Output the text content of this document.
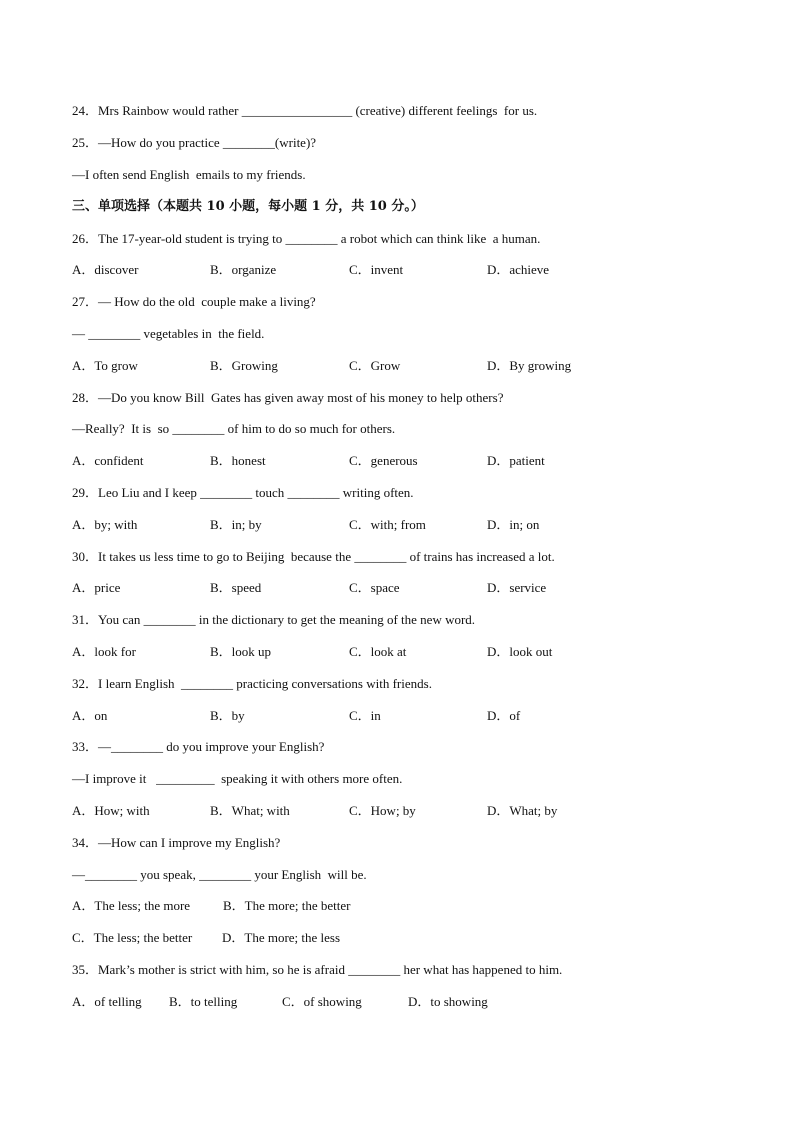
24．Mrs Rainbow would rather _________________ (creative) different feelings  for us.
25．—How do you practice ________(write)?
—I often send English  emails to my friends.
三、单项选择（本题共 10 小题，每小题 1 分，共 10 分。）
26．The 17-year-old student is trying to ________ a robot which can think like  a human.
A．discover	B．organize	C．invent	D．achieve
27．— How do the old  couple make a living?
— ________ vegetables in  the field.
A．To grow	B．Growing	C．Grow	D．By growing
28．—Do you know Bill  Gates has given away most of his money to help others?
—Really?  It is  so ________ of him to do so much for others.
A．confident	B．honest	C．generous	D．patient
29．Leo Liu and I keep ________ touch ________ writing often.
A．by; with	B．in; by	C．with; from	D．in; on
30．It takes us less time to go to Beijing  because the ________ of trains has increased a lot.
A．price	B．speed	C．space	D．service
31．You can ________ in the dictionary to get the meaning of the new word.
A．look for	B．look up	C．look at	D．look out
32．I learn English  ________ practicing conversations with friends.
A．on	B．by	C．in	D．of
33．—________ do you improve your English?
—I improve it   _________  speaking it with others more often.
A．How; with	B．What; with	C．How; by	D．What; by
34．—How can I improve my English?
—________ you speak, ________ your English  will be.
A．The less; the more	B．The more; the better
C．The less; the better D．The more; the less
35．Mark’s mother is strict with him, so he is afraid ________ her what has happened to him.
A．of telling B．to telling	C．of showing	D．to showing
